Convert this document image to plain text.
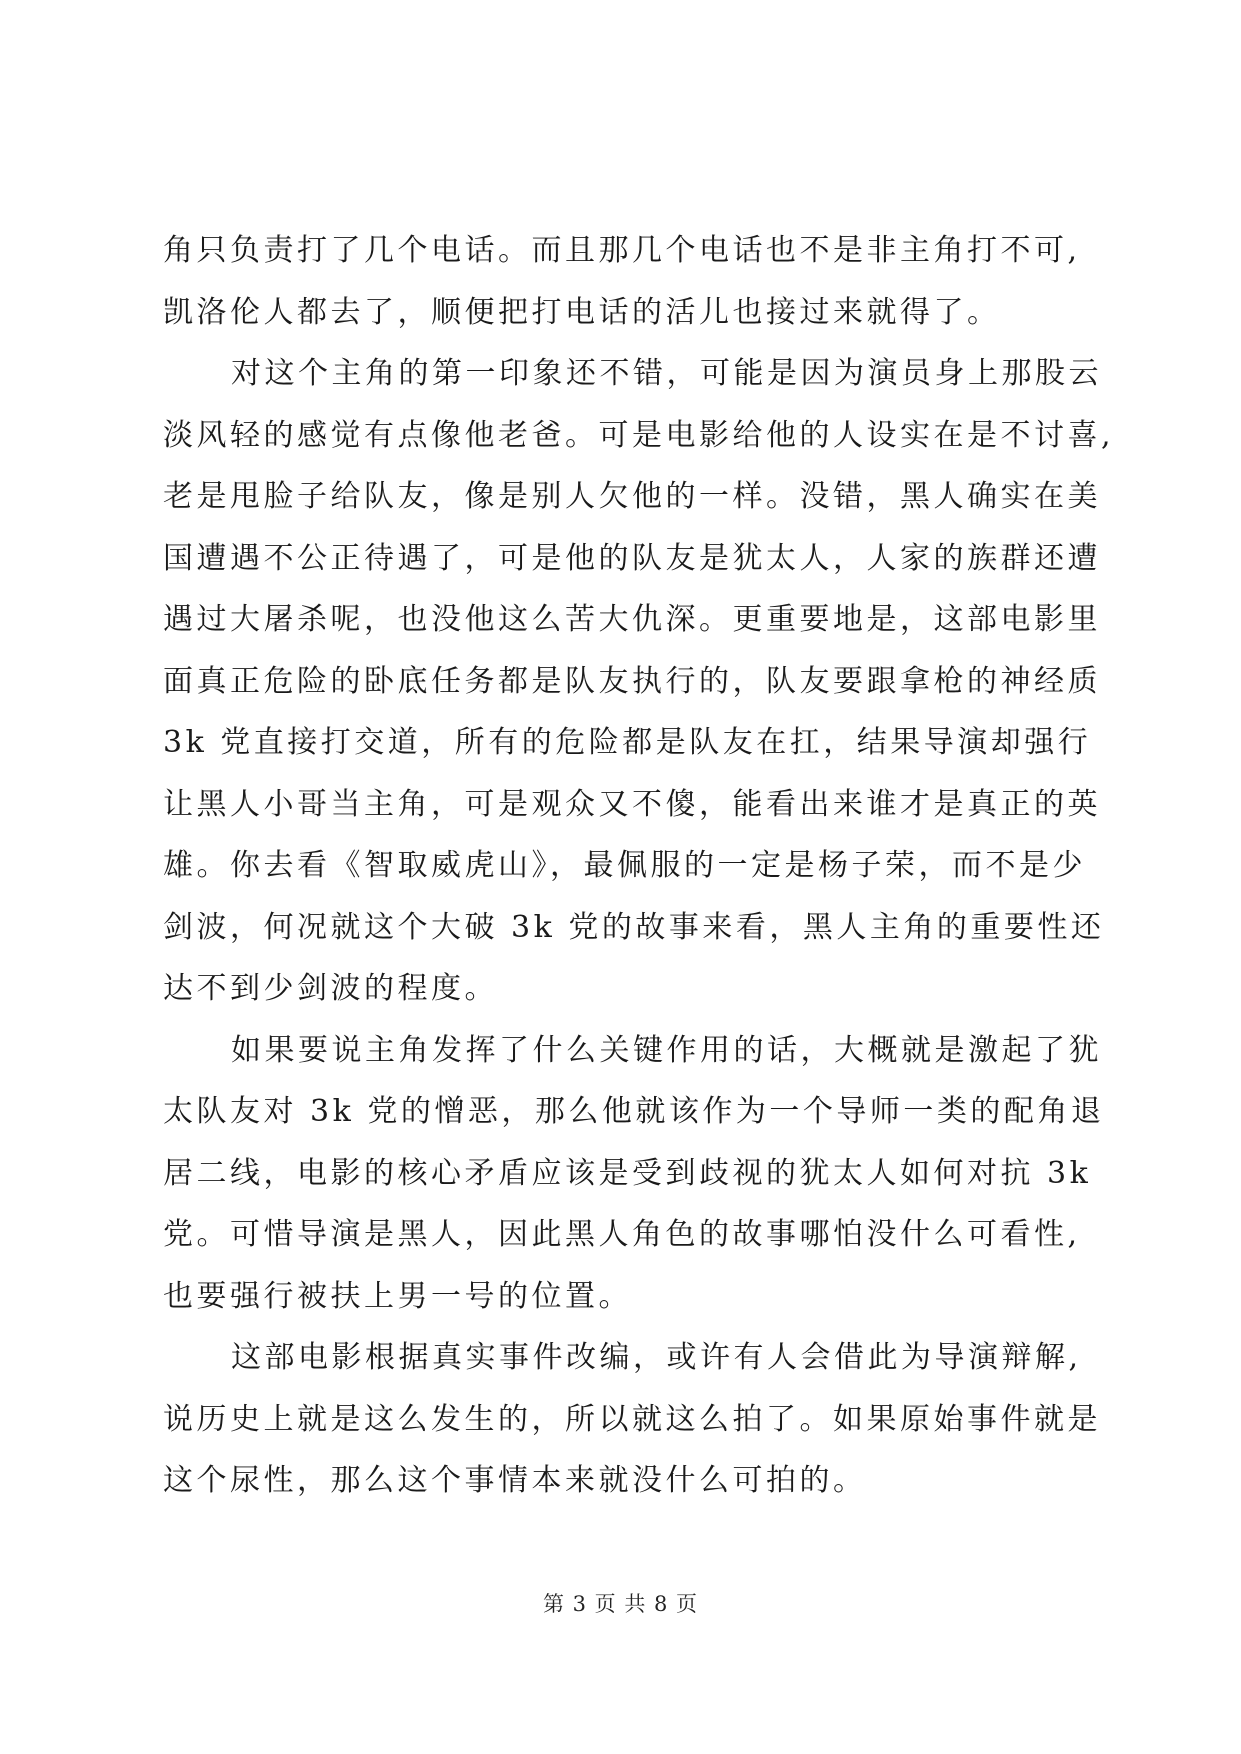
角只负责打了几个电话。而且那几个电话也不是非主角打不可,
凯洛伦人都去了，顺便把打电话的活儿也接过来就得了。
对这个主角的第一印象还不错，可能是因为演员身上那股云
淡风轻的感觉有点像他老爸。可是电影给他的人设实在是不讨喜,
老是甩脸子给队友，像是别人欠他的一样。没错，黑人确实在美
国遭遇不公正待遇了，可是他的队友是犹太人，人家的族群还遭
遇过大屠杀呢，也没他这么苦大仇深。更重要地是，这部电影里
面真正危险的卧底任务都是队友执行的，队友要跟拿枪的神经质
3k 党直接打交道，所有的危险都是队友在扛，结果导演却强行
让黑人小哥当主角，可是观众又不傻，能看出来谁才是真正的英
雄。你去看《智取威虎山》，最佩服的一定是杨子荣，而不是少
剑波，何况就这个大破 3k 党的故事来看，黑人主角的重要性还
达不到少剑波的程度。
如果要说主角发挥了什么关键作用的话，大概就是激起了犹
太队友对 3k 党的憎恶，那么他就该作为一个导师一类的配角退
居二线，电影的核心矛盾应该是受到歧视的犹太人如何对抗 3k
党。可惜导演是黑人，因此黑人角色的故事哪怕没什么可看性,
也要强行被扶上男一号的位置。
这部电影根据真实事件改编，或许有人会借此为导演辩解,
说历史上就是这么发生的，所以就这么拍了。如果原始事件就是
这个尿性，那么这个事情本来就没什么可拍的。
第 3 页 共 8 页
